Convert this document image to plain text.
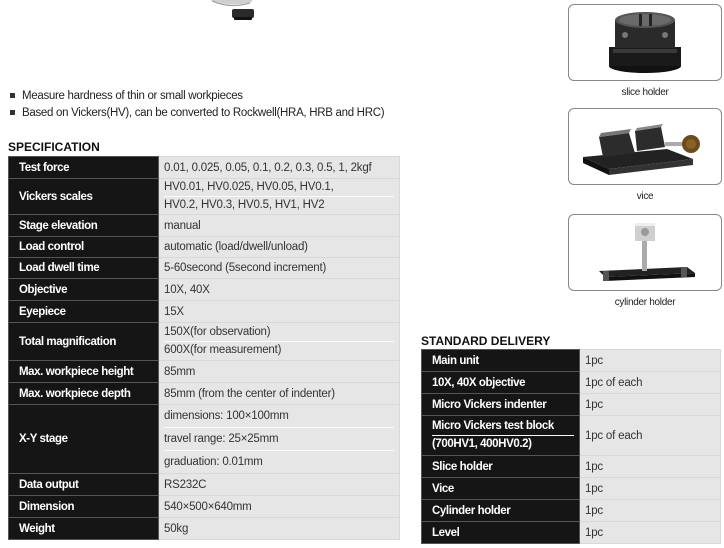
Measure hardness of thin or small workpieces
Based on Vickers(HV), can be converted to Rockwell(HRA, HRB and HRC)
SPECIFICATION
Test force	0.01, 0.025, 0.05, 0.1, 0.2, 0.3, 0.5, 1, 2kgf
Vickers scales	HV0.01, HV0.025, HV0.05, HV0.1,
HV0.2, HV0.3, HV0.5, HV1, HV2

Stage elevation	manual
Load control	automatic (load/dwell/unload)
Load dwell time	5-60second (5second increment)
Objective	10X, 40X
Eyepiece	15X
Total magnification	150X(for observation)
600X(for measurement)

Max. workpiece height	85mm
Max. workpiece depth	85mm (from the center of indenter)
X-Y stage	dimensions: 100×100mm
travel range: 25×25mm
graduation: 0.01mm

Data output	RS232C
Dimension	540×500×640mm
Weight	50kg
STANDARD DELIVERY
Main unit	1pc
10X, 40X objective	1pc of each
Micro Vickers indenter	1pc

Micro Vickers test block
(700HV1, 400HV0.2)	1pc of each
Slice holder	1pc
Vice	1pc
Cylinder holder	1pc
Level	1pc
slice holder
vice
cylinder holder
